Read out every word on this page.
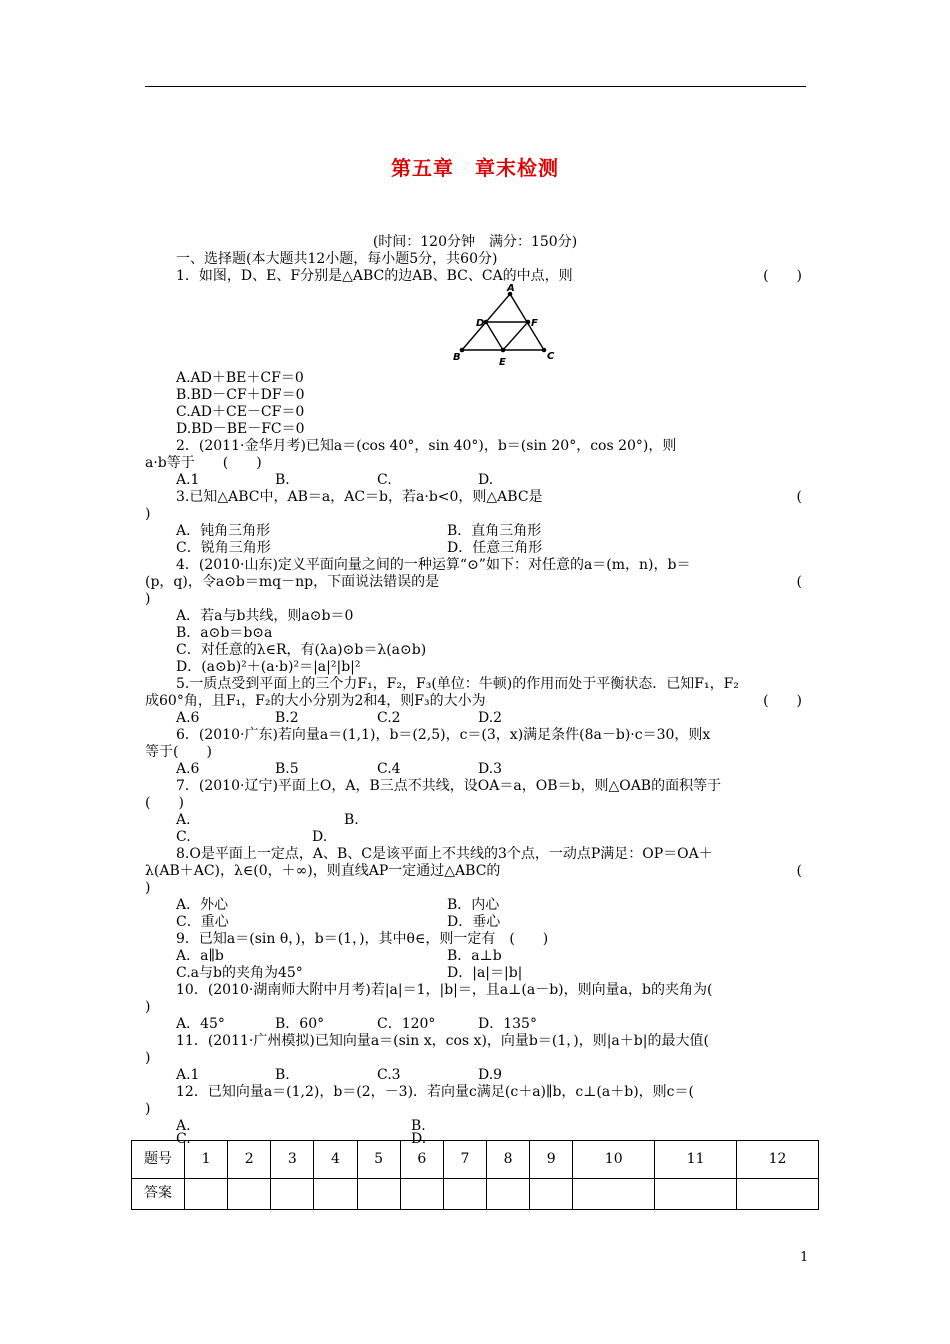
第五章　章末检测
(时间：120分钟　满分：150分)
一、选择题(本大题共12小题，每小题5分，共60分)
1．如图，D、E、F分别是△ABC的边AB、BC、CA的中点，则	(　　)
A
D	F
B	E
C
A.AD＋BE＋CF＝0
B.BD－CF＋DF＝0
C.AD＋CE－CF＝0
D.BD－BE－FC＝0
2．(2011·金华月考)已知a＝(cos 40°，sin 40°)，b＝(sin 20°，cos 20°)，则
a·b等于　　(　　)
A.1	B.	C.	D.
3.已知△ABC中，AB＝a，AC＝b，若a·b<0，则△ABC是	(
)
A．钝角三角形	B．直角三角形
C．锐角三角形	D．任意三角形
4．(2010·山东)定义平面向量之间的一种运算“⊙”如下：对任意的a＝(m，n)，b＝
(p，q)，令a⊙b＝mq－np，下面说法错误的是	(
)
A．若a与b共线，则a⊙b＝0
B．a⊙b＝b⊙a
C．对任意的λ∈R，有(λa)⊙b＝λ(a⊙b)
D．(a⊙b)²＋(a·b)²＝|a|²|b|²
5.一质点受到平面上的三个力F₁，F₂，F₃(单位：牛顿)的作用而处于平衡状态．已知F₁，F₂
成60°角，且F₁，F₂的大小分别为2和4，则F₃的大小为	(　　)
A.6	B.2	C.2	D.2
6．(2010·广东)若向量a＝(1,1)，b＝(2,5)，c＝(3，x)满足条件(8a－b)·c＝30，则x
等于(　　)
A.6	B.5	C.4	D.3
7．(2010·辽宁)平面上O，A，B三点不共线，设OA＝a，OB＝b，则△OAB的面积等于
(　　)
A.	B.
C.	D.
8.O是平面上一定点，A、B、C是该平面上不共线的3个点，一动点P满足：OP＝OA＋
λ(AB＋AC)，λ∈(0，＋∞)，则直线AP一定通过△ABC的	(
)
A．外心	B．内心
C．重心	D．垂心
9．已知a＝(sin θ，)，b＝(1，)，其中θ∈，则一定有　(　　)
A．a∥b	B．a⊥b
C.a与b的夹角为45°	D．|a|＝|b|
10．(2010·湖南师大附中月考)若|a|＝1，|b|＝，且a⊥(a－b)，则向量a，b的夹角为(
)
A．45°	B．60°	C．120°	D．135°
11．(2011·广州模拟)已知向量a＝(sin x，cos x)，向量b＝(1，)，则|a＋b|的最大值(
)
A.1	B.	C.3	D.9
12．已知向量a＝(1,2)，b＝(2，－3)．若向量c满足(c＋a)∥b，c⊥(a＋b)，则c＝(
)
A.	B.
C.	D.
题号	1	2	3	4	5	6	7	8	9	10	11	12
答案												
1
